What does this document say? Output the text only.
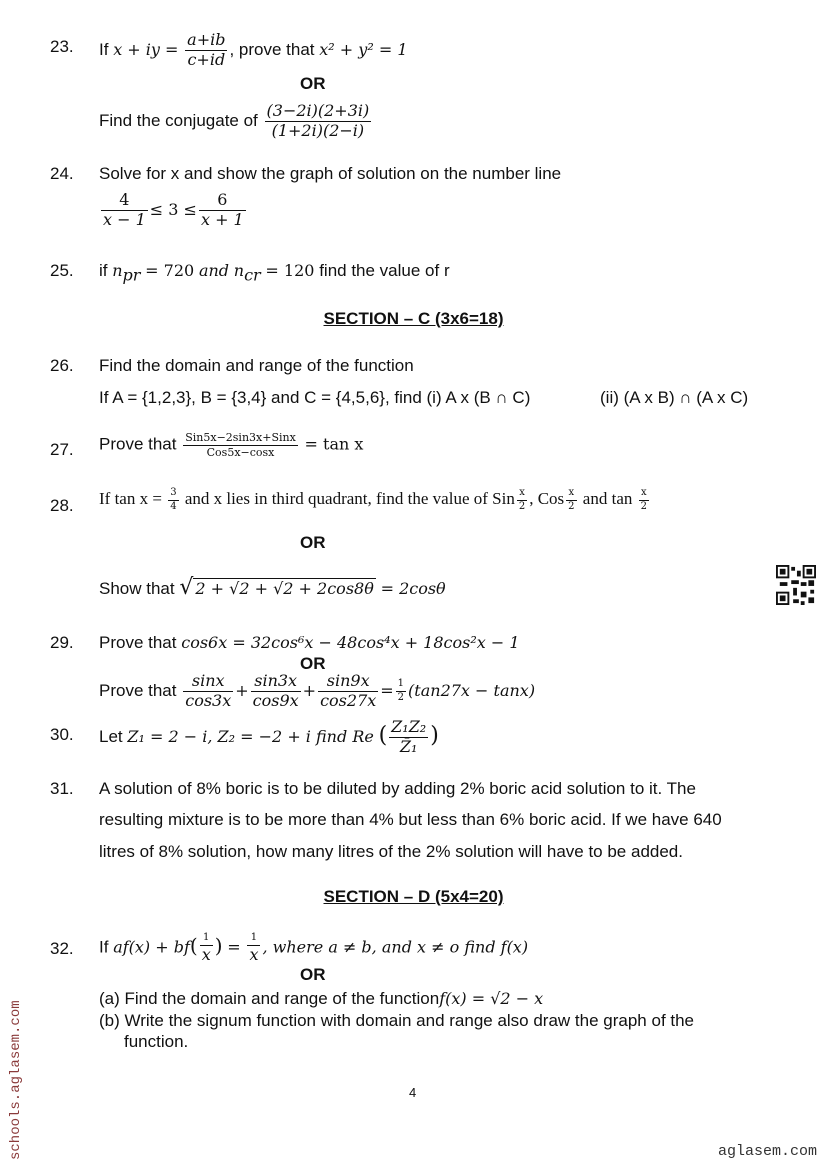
23. If x + iy = $\frac{a+ib}{c+id}$ , prove that x² + y² = 1
OR
Find the conjugate of $\frac{(3-2i)(2+3i)}{(1+2i)(2-i)}$
24. Solve for x and show the graph of solution on the number line
$\frac{4}{x - 1} \le 3 \le \frac{6}{x + 1}$
25. if $n_{pr} = 720$ and $n_{cr} = 120$ find the value of r
SECTION – C (3x6=18)
26. Find the domain and range of the function
If A = {1,2,3}, B = {3,4} and C = {4,5,6}, find (i) A x (B ∩ C)	(ii) (A x B) ∩ (A x C)
27. Prove that $\frac{\text{Sin5x−2sin3x+Sinx}}{\text{Cos5x−cosx}} = \tan x$
28. If $\tan x = \frac{3}{4}$ and x lies in third quadrant, find the value of Sin $\frac{x}{2}$ , Cos $\frac{x}{2}$ and $\tan \frac{x}{2}$
OR
Show that √ 2 + √2 + √2 + 2cos8θ = 2cosθ
29. Prove that cos6x = 32cos⁶x − 48cos⁴x + 18cos²x − 1
OR
Prove that $\frac{\sin x}{\cos 3x} + \frac{\sin 3x}{\cos 9x} + \frac{\sin 9x}{\cos 27x} = \frac{1}{2} (\tan 27x - \tan x)$
30. Let Z₁ = 2 − i, Z₂ = −2 + i find Re ( $\frac{\text{Z₁Z₂}}{\text{Z̄₁}}$ )
31. A solution of 8% boric is to be diluted by adding 2% boric acid solution to it. The
resulting mixture is to be more than 4% but less than 6% boric acid. If we have 640
litres of 8% solution, how many litres of the 2% solution will have to be added.
SECTION – D (5x4=20)
32. If $af(x) + bf( \frac{1}{x}$ ) = $\frac{1}{x}$ , where a ≠ b, and x ≠ o find f(x)
OR
(a) Find the domain and range of the functionf(x) = √2 − x
(b) Write the signum function with domain and range also draw the graph of the
function.
4
schools.aglasem.com	aglasem.com
